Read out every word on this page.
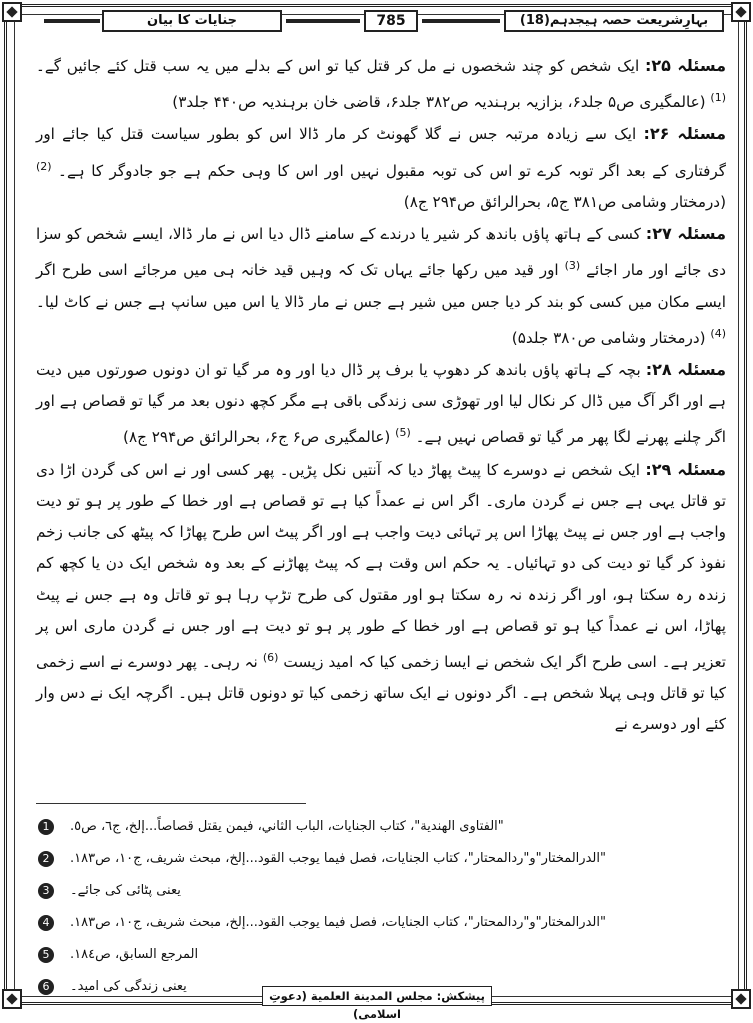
جنایات کا بیان	785	بہارِشریعت حصہ ہیجدہم(18)

مسئلہ ۲۵: ایک شخص کو چند شخصوں نے مل کر قتل کیا تو اس کے بدلے میں یہ سب قتل کئے جائیں گے۔ $^{(1)}$ (عالمگیری ص۵ جلد۶، بزازیہ برہندیہ ص۳۸۲ جلد۶، قاضی خان برہندیہ ص۴۴۰ جلد۳)

مسئلہ ۲۶: ایک سے زیادہ مرتبہ جس نے گلا گھونٹ کر مار ڈالا اس کو بطور سیاست قتل کیا جائے اور گرفتاری کے بعد اگر توبہ کرے تو اس کی توبہ مقبول نہیں اور اس کا وہی حکم ہے جو جادوگر کا ہے۔ $^{(2)}$ (درمختار وشامی ص۳۸۱ ج۵، بحرالرائق ص۲۹۴ ج۸)

مسئلہ ۲۷: کسی کے ہاتھ پاؤں باندھ کر شیر یا درندے کے سامنے ڈال دیا اس نے مار ڈالا، ایسے شخص کو سزا دی جائے اور مار اجائے $^{(3)}$ اور قید میں رکھا جائے یہاں تک کہ وہیں قید خانہ ہی میں مرجائے اسی طرح اگر ایسے مکان میں کسی کو بند کر دیا جس میں شیر ہے جس نے مار ڈالا یا اس میں سانپ ہے جس نے کاٹ لیا۔ $^{(4)}$ (درمختار وشامی ص۳۸۰ جلد۵)

مسئلہ ۲۸: بچہ کے ہاتھ پاؤں باندھ کر دھوپ یا برف پر ڈال دیا اور وہ مر گیا تو ان دونوں صورتوں میں دیت ہے اور اگر آگ میں ڈال کر نکال لیا اور تھوڑی سی زندگی باقی ہے مگر کچھ دنوں بعد مر گیا تو قصاص ہے اور اگر چلنے پھرنے لگا پھر مر گیا تو قصاص نہیں ہے۔ $^{(5)}$ (عالمگیری ص۶ ج۶، بحرالرائق ص۲۹۴ ج۸)

مسئلہ ۲۹: ایک شخص نے دوسرے کا پیٹ پھاڑ دیا کہ آنتیں نکل پڑیں۔ پھر کسی اور نے اس کی گردن اڑا دی تو قاتل یہی ہے جس نے گردن ماری۔ اگر اس نے عمداً کیا ہے تو قصاص ہے اور خطا کے طور پر ہو تو دیت واجب ہے اور جس نے پیٹ پھاڑا اس پر تہائی دیت واجب ہے اور اگر پیٹ اس طرح پھاڑا کہ پیٹھ کی جانب زخم نفوذ کر گیا تو دیت کی دو تہائیاں۔ یہ حکم اس وقت ہے کہ پیٹ پھاڑنے کے بعد وہ شخص ایک دن یا کچھ کم زندہ رہ سکتا ہو، اور اگر زندہ نہ رہ سکتا ہو اور مقتول کی طرح تڑپ رہا ہو تو قاتل وہ ہے جس نے پیٹ پھاڑا، اس نے عمداً کیا ہو تو قصاص ہے اور خطا کے طور پر ہو تو دیت ہے اور جس نے گردن ماری اس پر تعزیر ہے۔ اسی طرح اگر ایک شخص نے ایسا زخمی کیا کہ امید زیست $^{(6)}$ نہ رہی۔ پھر دوسرے نے اسے زخمی کیا تو قاتل وہی پہلا شخص ہے۔ اگر دونوں نے ایک ساتھ زخمی کیا تو دونوں قاتل ہیں۔ اگرچہ ایک نے دس وار کئے اور دوسرے نے

1	"الفتاوى الهندية"، كتاب الجنايات، الباب الثاني، فيمن يقتل قصاصاً...إلخ، ج٦، ص٥.
2	"الدرالمختار"و"ردالمحتار"، كتاب الجنايات، فصل فيما يوجب القود...إلخ، مبحث شريف، ج١٠، ص١٨٣.
3	یعنی پٹائی کی جائے۔
4	"الدرالمختار"و"ردالمحتار"، كتاب الجنايات، فصل فيما يوجب القود...إلخ، مبحث شريف، ج١٠، ص١٨٣.
5	المرجع السابق، ص١٨٤.
6	یعنی زندگی کی امید۔
پیشکش: مجلس المدينة العلمية (دعوتِ اسلامی)
